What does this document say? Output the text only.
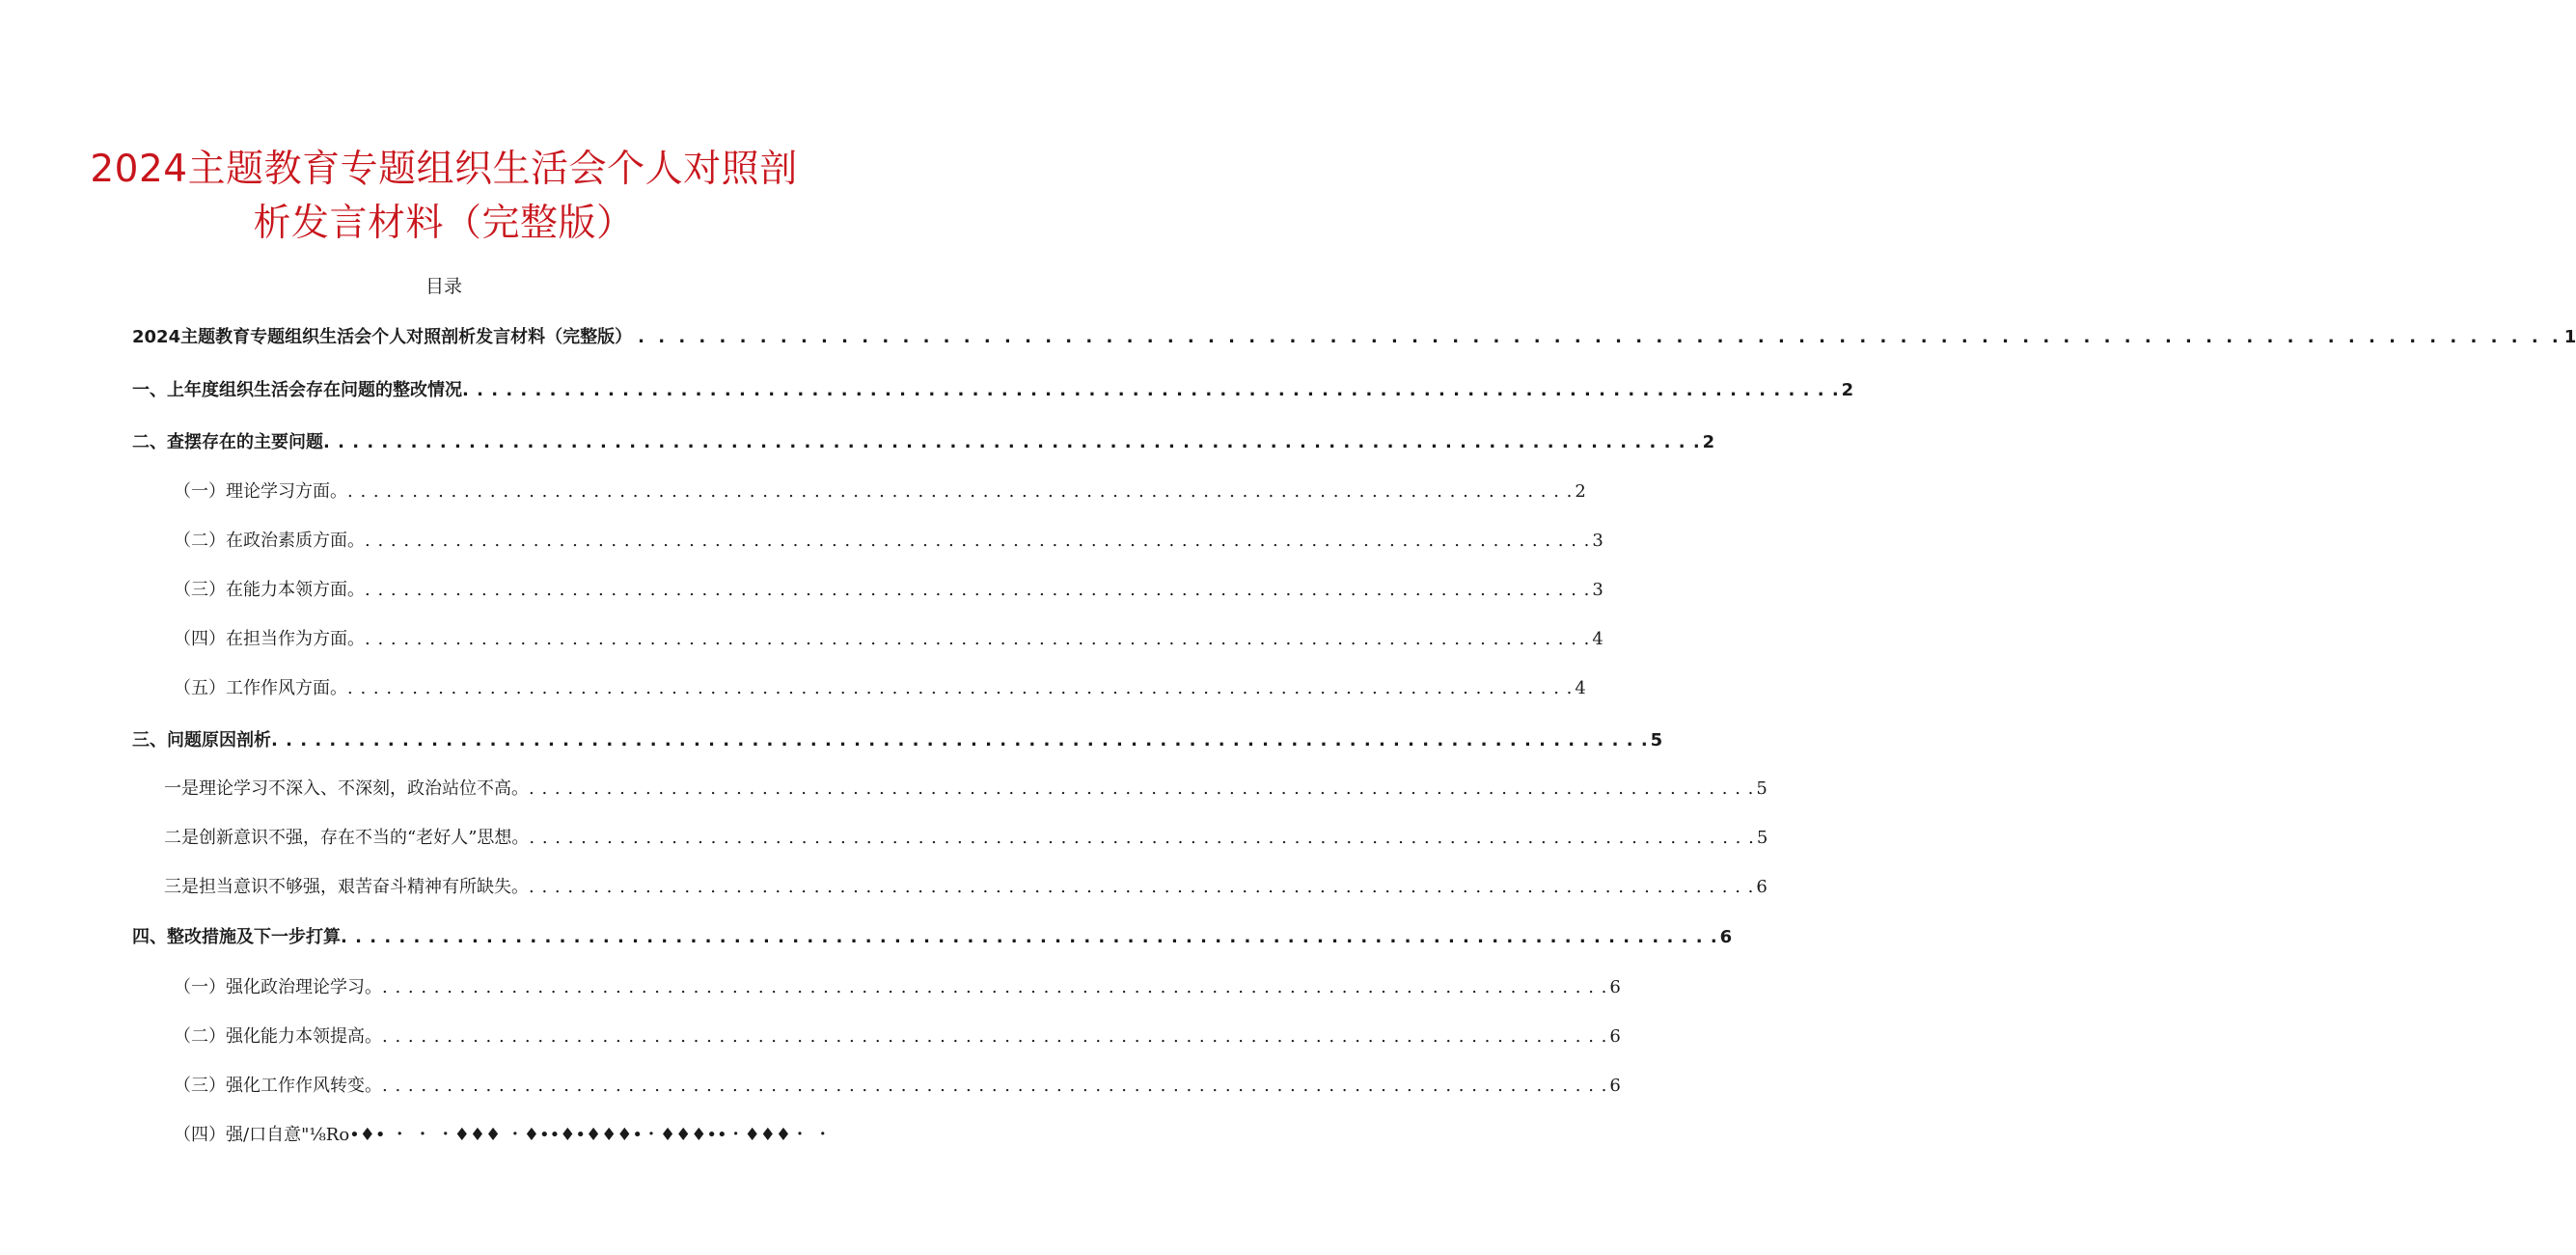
2024主题教育专题组织生活会个人对照剖
析发言材料（完整版）
目录
2024主题教育专题组织生活会个人对照剖析发言材料（完整版） . . .	1
一、上年度组织生活会存在问题的整改情况 . . .	2
二、查摆存在的主要问题 . . .	2
（一）理论学习方面。 . . .	2
（二）在政治素质方面。 . . .	3
（三）在能力本领方面。 . . .	3
（四）在担当作为方面。 . . .	4
（五）工作作风方面。 . . .	4
三、问题原因剖析 . . .	5
一是理论学习不深入、不深刻，政治站位不高。 . . .	5
二是创新意识不强，存在不当的“老好人”思想。 . . .	5
三是担当意识不够强，艰苦奋斗精神有所缺失。 . . .	6
四、整改措施及下一步打算 . . .	6
（一）强化政治理论学习。 . . .	6
（二）强化能力本领提高。 . . .	6
（三）强化工作作风转变。 . . .	6
（四）强/口自意"⅛Ro•♦• ・ ・ ・♦♦♦ ・♦••♦•♦♦♦•・♦♦♦••・♦♦♦・ ・
